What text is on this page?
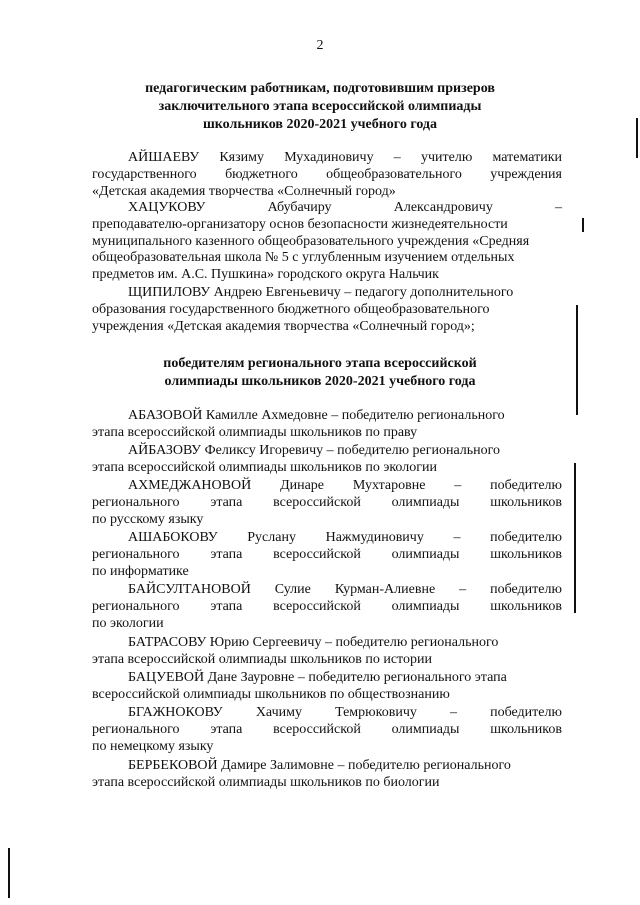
2
педагогическим работникам, подготовившим призеров
заключительного этапа всероссийской олимпиады
школьников 2020-2021 учебного года
АЙШАЕВУ Кязиму Мухадиновичу – учителю математики
государственного бюджетного общеобразовательного учреждения
«Детская академия творчества «Солнечный город»
ХАЦУКОВУ	Абубачиру	Александровичу	–
преподавателю-организатору основ безопасности жизнедеятельности
муниципального казенного общеобразовательного учреждения «Средняя
общеобразовательная школа № 5 с углубленным изучением отдельных
предметов им. А.С. Пушкина» городского округа Нальчик
ЩИПИЛОВУ Андрею Евгеньевичу – педагогу дополнительного
образования государственного бюджетного общеобразовательного
учреждения «Детская академия творчества «Солнечный город»;
победителям регионального этапа всероссийской
олимпиады школьников 2020-2021 учебного года
АБАЗОВОЙ Камилле Ахмедовне – победителю регионального
этапа всероссийской олимпиады школьников по праву
АЙБАЗОВУ Феликсу Игоревичу – победителю регионального
этапа всероссийской олимпиады школьников по экологии
АХМЕДЖАНОВОЙ Динаре Мухтаровне – победителю
регионального этапа всероссийской олимпиады школьников
по русскому языку
АШАБОКОВУ Руслану Нажмудиновичу – победителю
регионального этапа всероссийской олимпиады школьников
по информатике
БАЙСУЛТАНОВОЙ Сулие Курман-Алиевне – победителю
регионального этапа всероссийской олимпиады школьников
по экологии
БАТРАСОВУ Юрию Сергеевичу – победителю регионального
этапа всероссийской олимпиады школьников по истории
БАЦУЕВОЙ Дане Зауровне – победителю регионального этапа
всероссийской олимпиады школьников по обществознанию
БГАЖНОКОВУ Хачиму Темрюковичу – победителю
регионального этапа всероссийской олимпиады школьников
по немецкому языку
БЕРБЕКОВОЙ Дамире Залимовне – победителю регионального
этапа всероссийской олимпиады школьников по биологии
